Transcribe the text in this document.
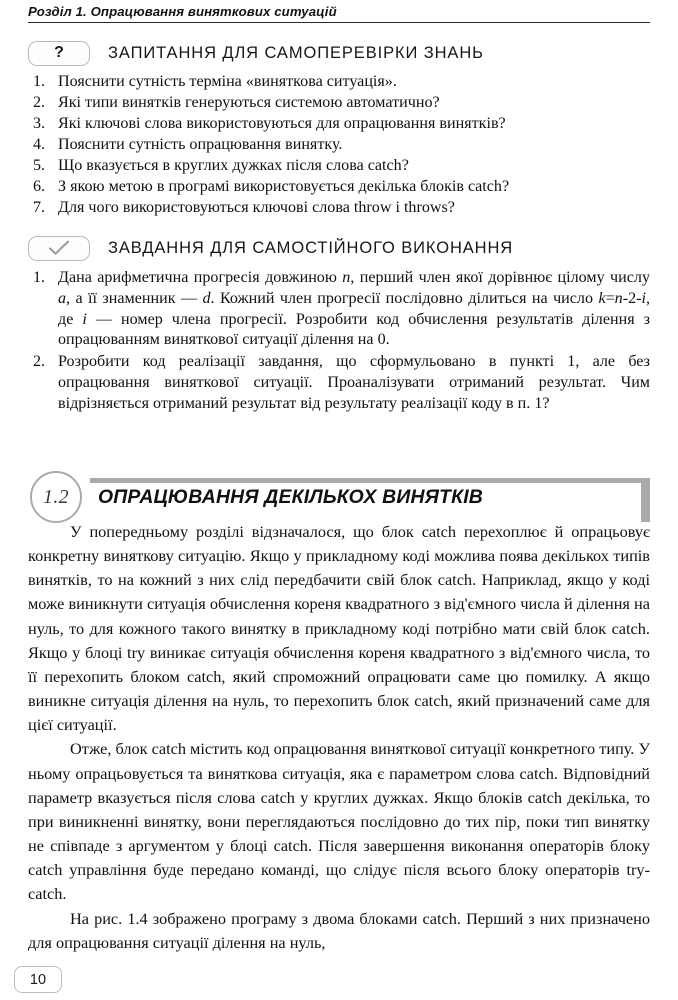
Розділ 1. Опрацювання виняткових ситуацій
?	ЗАПИТАННЯ ДЛЯ САМОПЕРЕВІРКИ ЗНАНЬ
1. Пояснити сутність терміна «виняткова ситуація».
2. Які типи винятків генеруються системою автоматично?
3. Які ключові слова використовуються для опрацювання винятків?
4. Пояснити сутність опрацювання винятку.
5. Що вказується в круглих дужках після слова catch?
6. З якою метою в програмі використовується декілька блоків catch?
7. Для чого використовуються ключові слова throw i throws?
ЗАВДАННЯ ДЛЯ САМОСТІЙНОГО ВИКОНАННЯ
1. Дана арифметична прогресія довжиною n, перший член якої дорівнює цілому числу a, а її знаменник — d. Кожний член прогресії послідовно ділиться на число k=n-2-i, де i — номер члена прогресії. Розробити код обчислення результатів ділення з опрацюванням виняткової ситуації ділення на 0.
2. Розробити код реалізації завдання, що сформульовано в пункті 1, але без опрацювання виняткової ситуації. Проаналізувати отриманий результат. Чим відрізняється отриманий результат від результату реалізації коду в п. 1?
1.2 ОПРАЦЮВАННЯ ДЕКІЛЬКОХ ВИНЯТКІВ

У попередньому розділі відзначалося, що блок catch перехоплює й опрацьовує конкретну виняткову ситуацію. Якщо у прикладному коді можлива поява декількох типів винятків, то на кожний з них слід передбачити свій блок catch. Наприклад, якщо у коді може виникнути ситуація обчислення кореня квадратного з від'ємного числа й ділення на нуль, то для кожного такого винятку в прикладному коді потрібно мати свій блок catch. Якщо у блоці try виникає ситуація обчислення кореня квадратного з від'ємного числа, то її перехопить блоком catch, який спроможний опрацювати саме цю помилку. А якщо виникне ситуація ділення на нуль, то перехопить блок catch, який призначений саме для цієї ситуації.

Отже, блок catch містить код опрацювання виняткової ситуації конкретного типу. У ньому опрацьовується та виняткова ситуація, яка є параметром слова catch. Відповідний параметр вказується після слова catch у круглих дужках. Якщо блоків catch декілька, то при виникненні винятку, вони переглядаються послідовно до тих пір, поки тип винятку не співпаде з аргументом у блоці catch. Після завершення виконання операторів блоку catch управління буде передано команді, що слідує після всього блоку операторів try-catch.

На рис. 1.4 зображено програму з двома блоками catch. Перший з них призначено для опрацювання ситуації ділення на нуль,

10
